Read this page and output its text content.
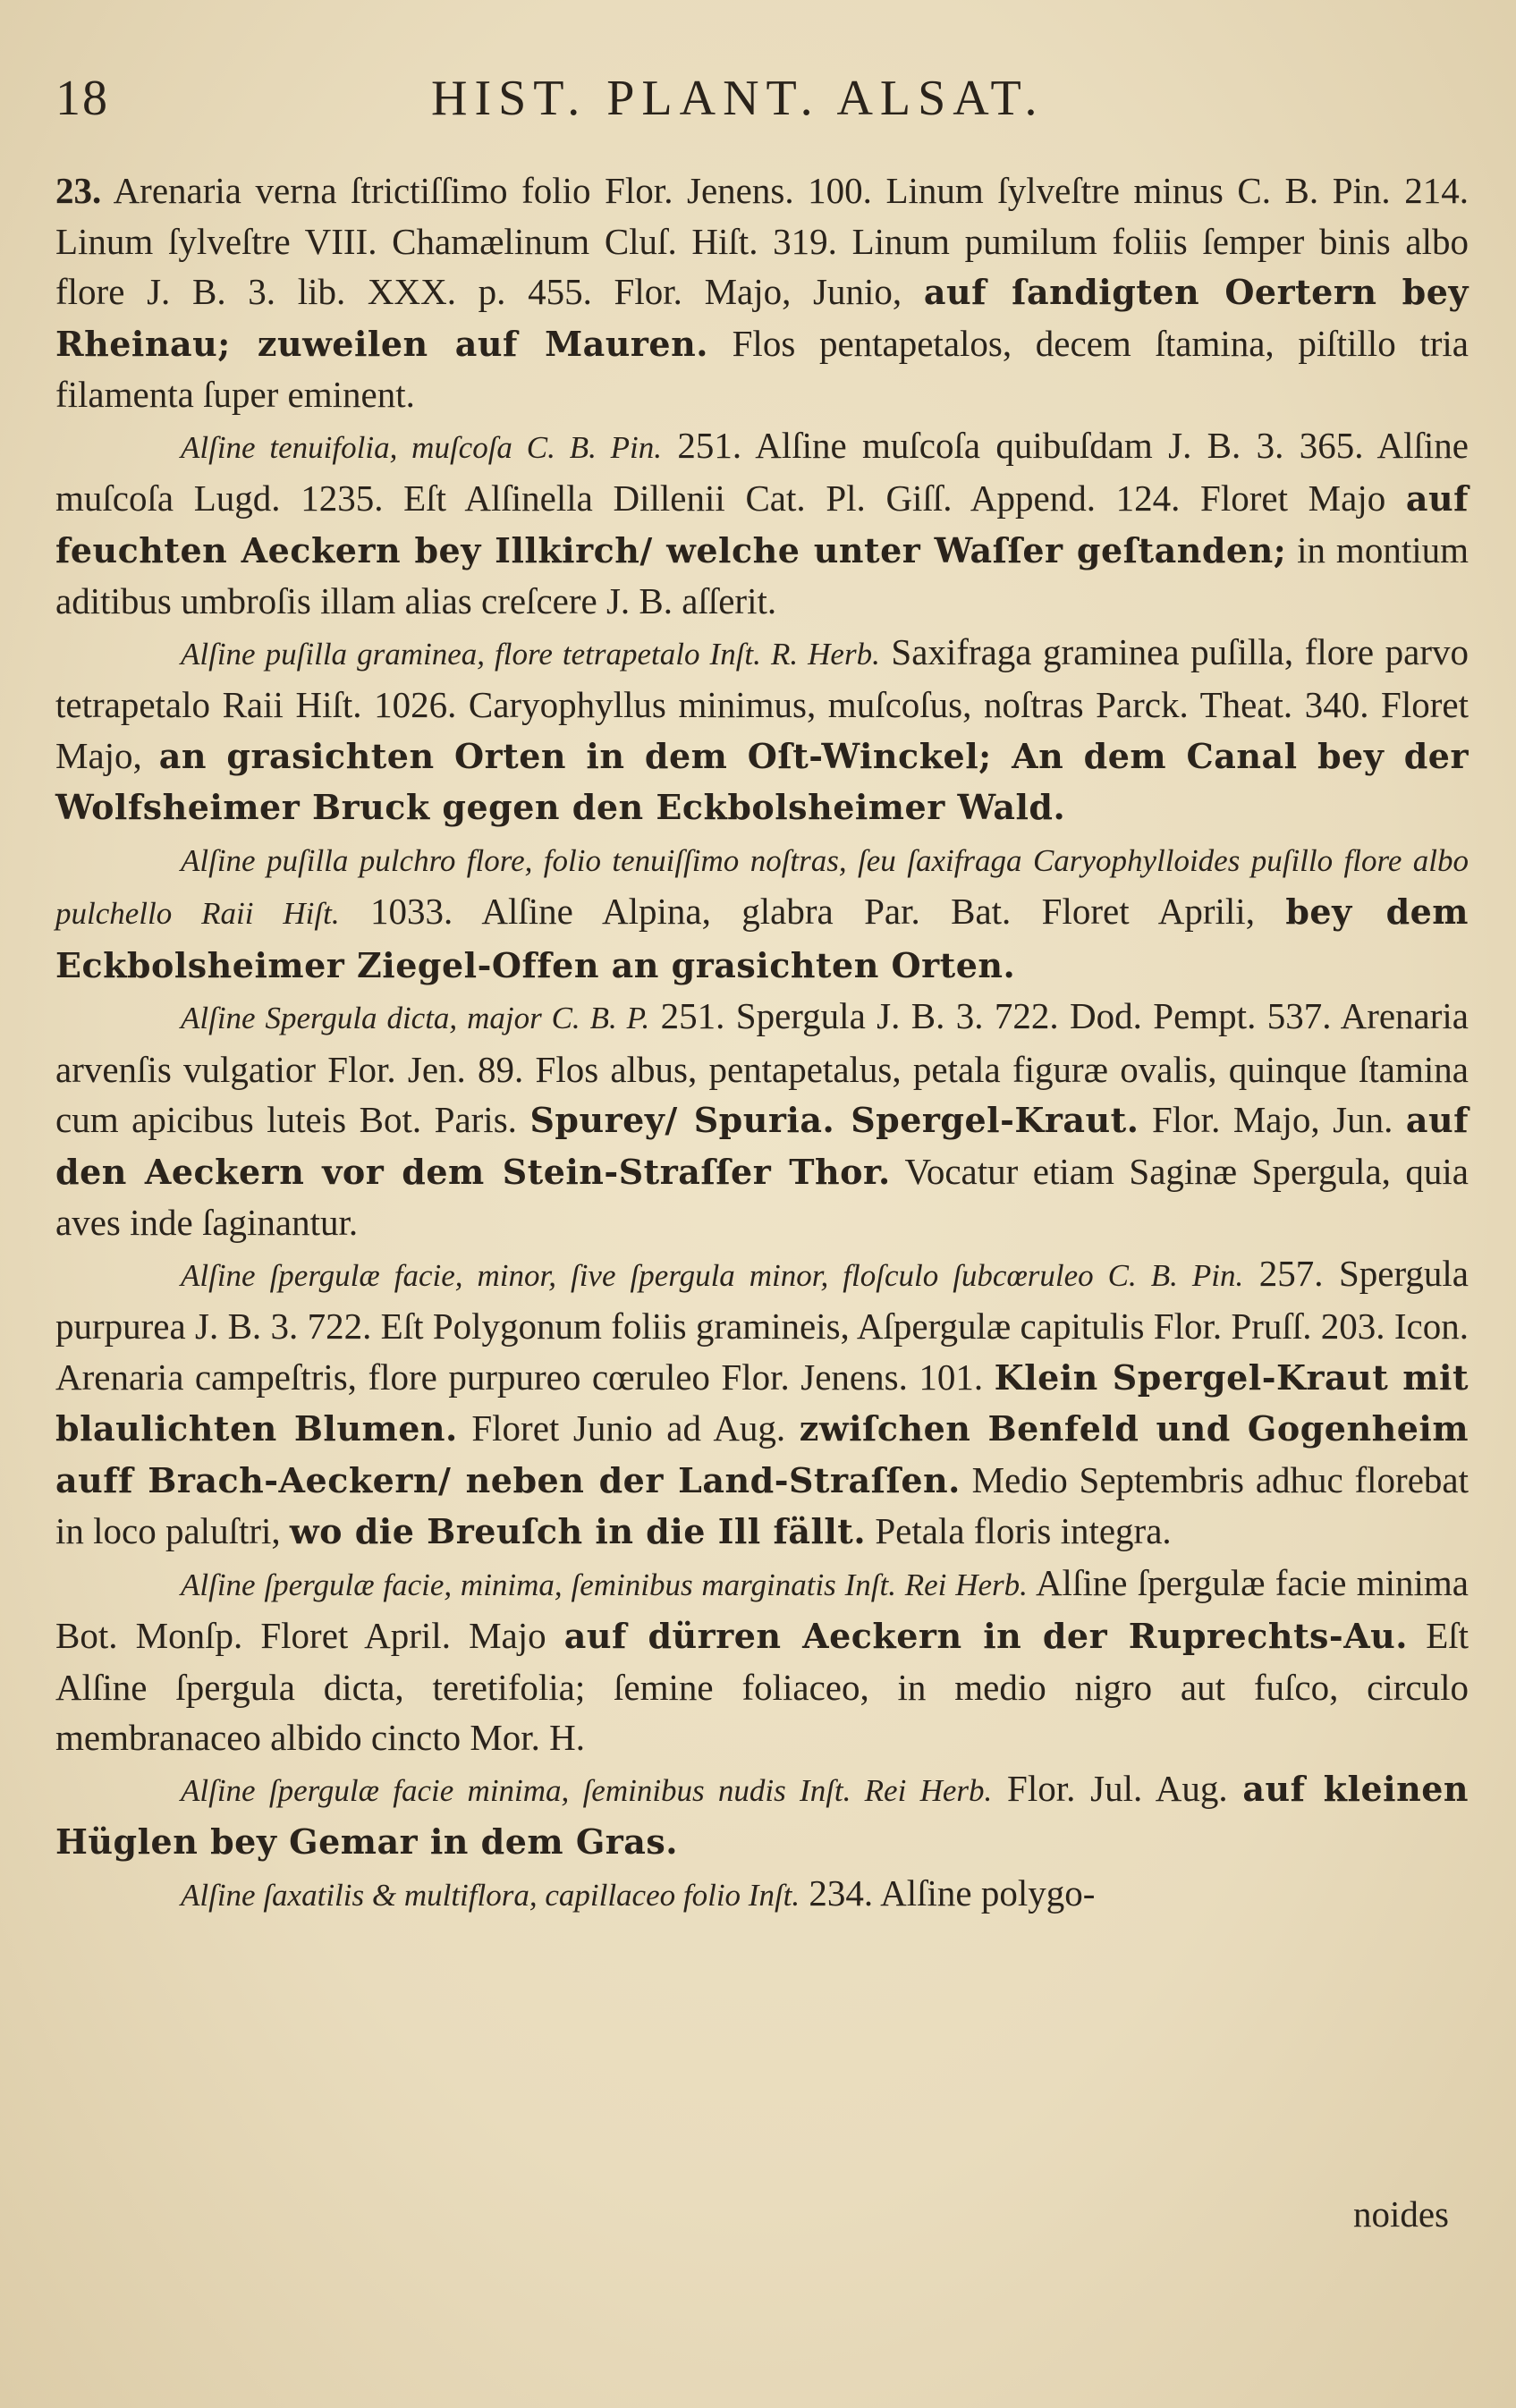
18	HIST. PLANT. ALSAT.

23. Arenaria verna ſtrictiſſimo folio Flor. Jenens. 100. Linum ſylveſtre minus C. B. Pin. 214. Linum ſylveſtre VIII. Chamælinum Cluſ. Hiſt. 319. Linum pumilum foliis ſemper binis albo flore J. B. 3. lib. XXX. p. 455. Flor. Majo, Junio, auf ſandigten Oertern bey Rheinau; zuweilen auf Mauren. Flos pentapetalos, decem ſtamina, piſtillo tria filamenta ſuper eminent.

Alſine tenuifolia, muſcoſa C. B. Pin. 251. Alſine muſcoſa quibuſdam J. B. 3. 365. Alſine muſcoſa Lugd. 1235. Eſt Alſinella Dillenii Cat. Pl. Giſſ. Append. 124. Floret Majo auf feuchten Aeckern bey Illkirch/ welche unter Waſſer geſtanden; in montium aditibus umbroſis illam alias creſcere J. B. aſſerit.

Alſine puſilla graminea, flore tetrapetalo Inſt. R. Herb. Saxifraga graminea puſilla, flore parvo tetrapetalo Raii Hiſt. 1026. Caryophyllus minimus, muſcoſus, noſtras Parck. Theat. 340. Floret Majo, an grasichten Orten in dem Oſt-Winckel; An dem Canal bey der Wolfsheimer Bruck gegen den Eckbolsheimer Wald.

Alſine puſilla pulchro flore, folio tenuiſſimo noſtras, ſeu ſaxifraga Caryophylloides puſillo flore albo pulchello Raii Hiſt. 1033. Alſine Alpina, glabra Par. Bat. Floret Aprili, bey dem Eckbolsheimer Ziegel-Offen an grasichten Orten.

Alſine Spergula dicta, major C. B. P. 251. Spergula J. B. 3. 722. Dod. Pempt. 537. Arenaria arvenſis vulgatior Flor. Jen. 89. Flos albus, pentapetalus, petala figuræ ovalis, quinque ſtamina cum apicibus luteis Bot. Paris. Spurey/ Spuria. Spergel-Kraut. Flor. Majo, Jun. auf den Aeckern vor dem Stein-Straſſer Thor. Vocatur etiam Saginæ Spergula, quia aves inde ſaginantur.

Alſine ſpergulæ facie, minor, ſive ſpergula minor, floſculo ſubcœruleo C. B. Pin. 257. Spergula purpurea J. B. 3. 722. Eſt Polygonum foliis gramineis, Aſpergulæ capitulis Flor. Pruſſ. 203. Icon. Arenaria campeſtris, flore purpureo cœruleo Flor. Jenens. 101. Klein Spergel-Kraut mit blaulichten Blumen. Floret Junio ad Aug. zwiſchen Benfeld und Gogenheim auff Brach-Aeckern/ neben der Land-Straſſen. Medio Septembris adhuc florebat in loco paluſtri, wo die Breuſch in die Ill fällt. Petala floris integra.

Alſine ſpergulæ facie, minima, ſeminibus marginatis Inſt. Rei Herb. Alſine ſpergulæ facie minima Bot. Monſp. Floret April. Majo auf dürren Aeckern in der Ruprechts-Au. Eſt Alſine ſpergula dicta, teretifolia; ſemine foliaceo, in medio nigro aut fuſco, circulo membranaceo albido cincto Mor. H.

Alſine ſpergulæ facie minima, ſeminibus nudis Inſt. Rei Herb. Flor. Jul. Aug. auf kleinen Hüglen bey Gemar in dem Gras.

Alſine ſaxatilis & multiflora, capillaceo folio Inſt. 234. Alſine polygo-

noides
